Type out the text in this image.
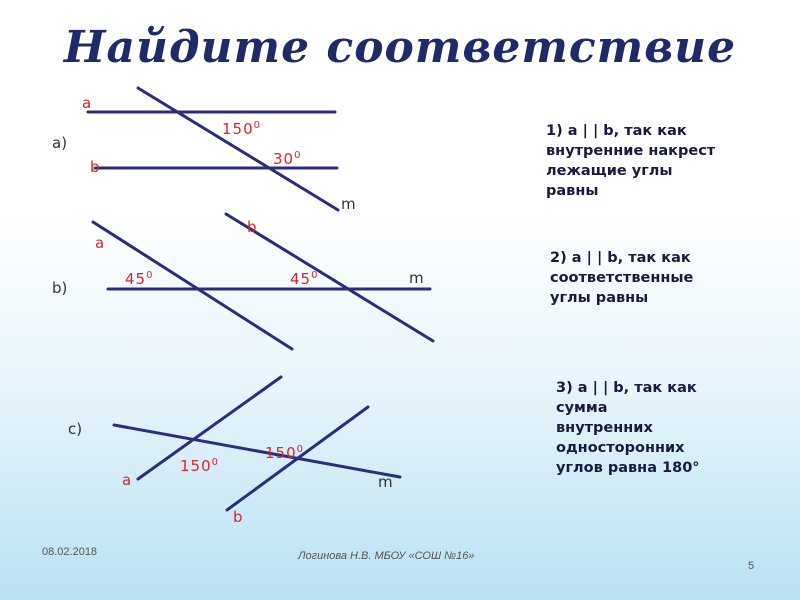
Найдите соответствие
a)
a
b
m
$150^0$
$30^0$
b)
a
b
m
$45^0$	$45^0$
c)
a
b
m
$150^0$
$150^0$
1) a | | b, так как
внутренние накрест
лежащие углы
равны
2) a | | b, так как
соответственные
углы равны
3) a | | b, так как
сумма
внутренних
односторонних
углов равна 180°
08.02.2018	Логинова Н.В. МБОУ «СОШ №16»
5
